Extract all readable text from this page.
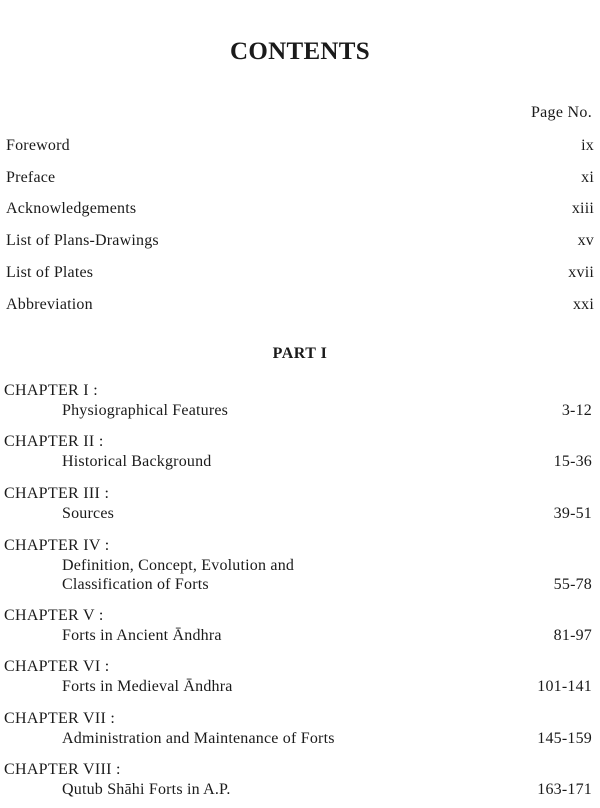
CONTENTS
Page No.
Foreword	ix
Preface	xi
Acknowledgements	xiii
List of Plans-Drawings	xv
List of Plates	xvii
Abbreviation	xxi
PART I
CHAPTER I :
Physiographical Features	3-12
CHAPTER II :
Historical Background	15-36
CHAPTER III :
Sources	39-51
CHAPTER IV :
Definition, Concept, Evolution and Classification of Forts	55-78
CHAPTER V :
Forts in Ancient Āndhra	81-97
CHAPTER VI :
Forts in Medieval Āndhra	101-141
CHAPTER VII :
Administration and Maintenance of Forts	145-159
CHAPTER VIII :
Qutub Shāhi Forts in A.P.	163-171
